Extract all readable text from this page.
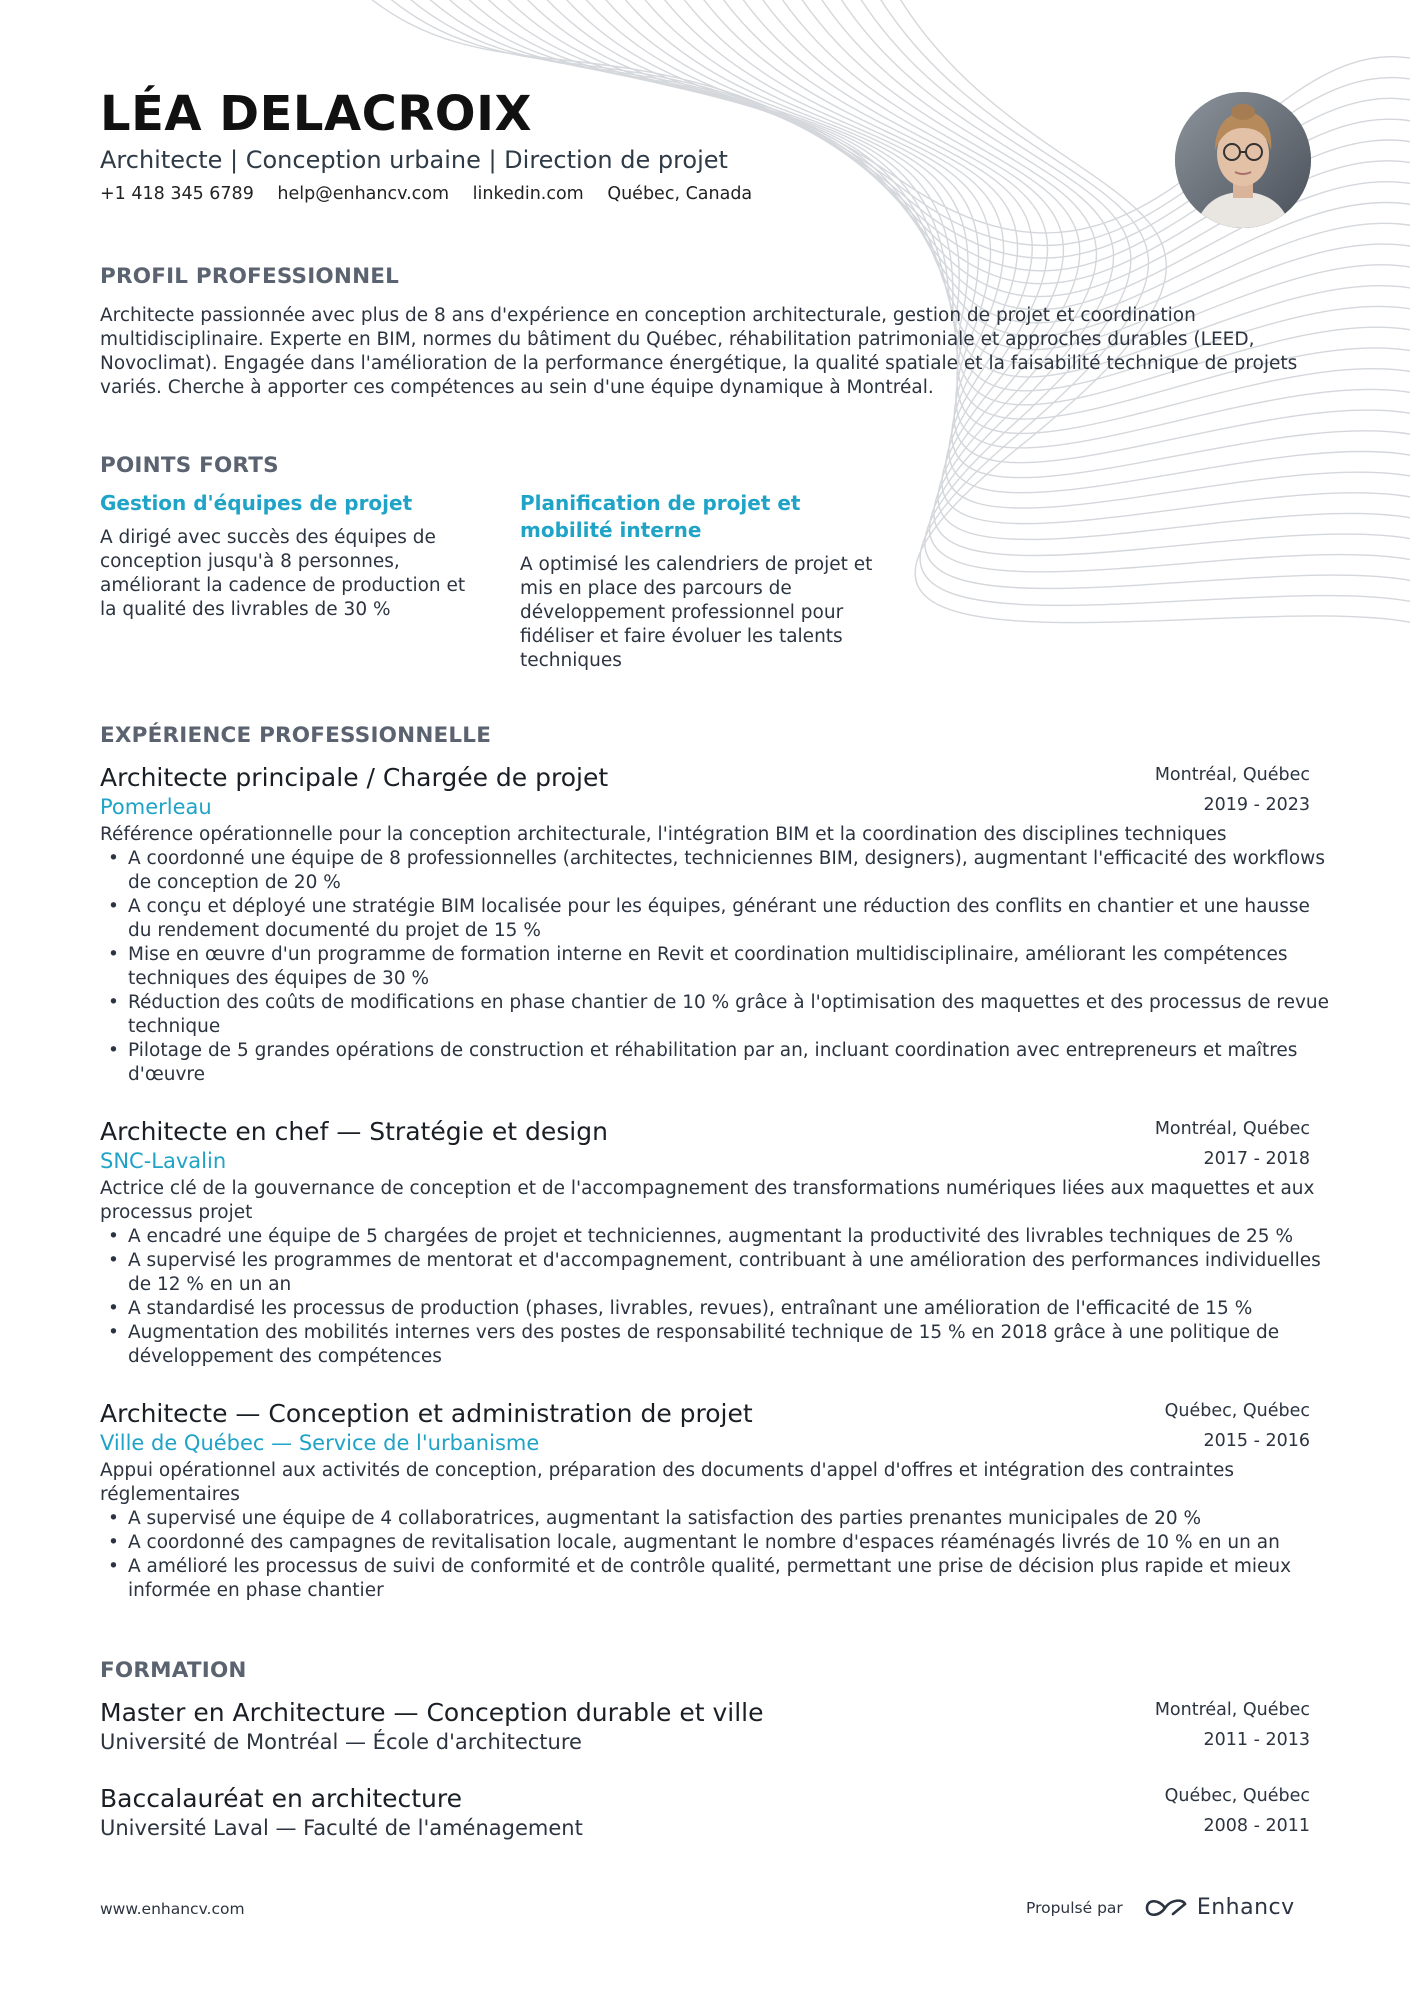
LÉA DELACROIX
Architecte | Conception urbaine | Direction de projet
+1 418 345 6789 help@enhancv.com linkedin.com Québec, Canada
PROFIL PROFESSIONNEL
Architecte passionnée avec plus de 8 ans d'expérience en conception architecturale, gestion de projet et coordination multidisciplinaire. Experte en BIM, normes du bâtiment du Québec, réhabilitation patrimoniale et approches durables (LEED, Novoclimat). Engagée dans l'amélioration de la performance énergétique, la qualité spatiale et la faisabilité technique de projets variés. Cherche à apporter ces compétences au sein d'une équipe dynamique à Montréal.
POINTS FORTS
Gestion d'équipes de projet
A dirigé avec succès des équipes de conception jusqu'à 8 personnes, améliorant la cadence de production et la qualité des livrables de 30 %
Planification de projet et mobilité interne
A optimisé les calendriers de projet et mis en place des parcours de développement professionnel pour fidéliser et faire évoluer les talents techniques
EXPÉRIENCE PROFESSIONNELLE
Architecte principale / Chargée de projet	Montréal, Québec
Pomerleau	2019 - 2023
Référence opérationnelle pour la conception architecturale, l'intégration BIM et la coordination des disciplines techniques
• A coordonné une équipe de 8 professionnelles (architectes, techniciennes BIM, designers), augmentant l'efficacité des workflows de conception de 20 %
• A conçu et déployé une stratégie BIM localisée pour les équipes, générant une réduction des conflits en chantier et une hausse du rendement documenté du projet de 15 %
• Mise en œuvre d'un programme de formation interne en Revit et coordination multidisciplinaire, améliorant les compétences techniques des équipes de 30 %
• Réduction des coûts de modifications en phase chantier de 10 % grâce à l'optimisation des maquettes et des processus de revue technique
• Pilotage de 5 grandes opérations de construction et réhabilitation par an, incluant coordination avec entrepreneurs et maîtres d'œuvre
Architecte en chef — Stratégie et design	Montréal, Québec
SNC-Lavalin	2017 - 2018
Actrice clé de la gouvernance de conception et de l'accompagnement des transformations numériques liées aux maquettes et aux processus projet
• A encadré une équipe de 5 chargées de projet et techniciennes, augmentant la productivité des livrables techniques de 25 %
• A supervisé les programmes de mentorat et d'accompagnement, contribuant à une amélioration des performances individuelles de 12 % en un an
• A standardisé les processus de production (phases, livrables, revues), entraînant une amélioration de l'efficacité de 15 %
• Augmentation des mobilités internes vers des postes de responsabilité technique de 15 % en 2018 grâce à une politique de développement des compétences
Architecte — Conception et administration de projet	Québec, Québec
Ville de Québec — Service de l'urbanisme	2015 - 2016
Appui opérationnel aux activités de conception, préparation des documents d'appel d'offres et intégration des contraintes réglementaires
• A supervisé une équipe de 4 collaboratrices, augmentant la satisfaction des parties prenantes municipales de 20 %
• A coordonné des campagnes de revitalisation locale, augmentant le nombre d'espaces réaménagés livrés de 10 % en un an
• A amélioré les processus de suivi de conformité et de contrôle qualité, permettant une prise de décision plus rapide et mieux informée en phase chantier
FORMATION
Master en Architecture — Conception durable et ville	Montréal, Québec
Université de Montréal — École d'architecture	2011 - 2013
Baccalauréat en architecture	Québec, Québec
Université Laval — Faculté de l'aménagement	2008 - 2011
www.enhancv.com	Propulsé par	Enhancv
